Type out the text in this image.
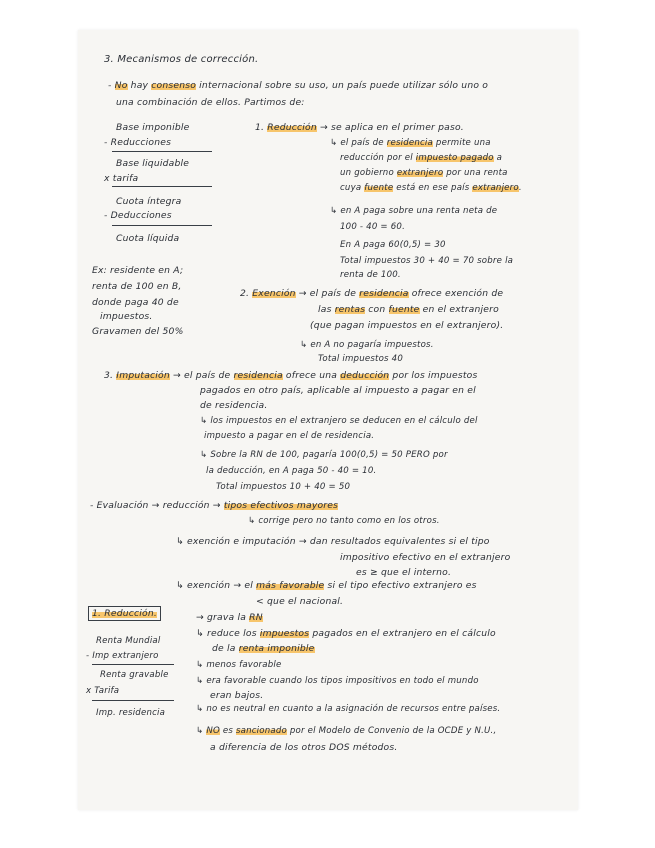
3. Mecanismos de corrección.
- No hay consenso internacional sobre su uso, un país puede utilizar sólo uno o
una combinación de ellos. Partimos de:
Base imponible
- Reducciones
Base liquidable
x tarifa
Cuota íntegra
- Deducciones
Cuota líquida
Ex: residente en A;
renta de 100 en B,
donde paga 40 de
impuestos.
Gravamen del 50%
1. Reducción → se aplica en el primer paso.
↳ el país de residencia permite una
reducción por el impuesto pagado a
un gobierno extranjero por una renta
cuya fuente está en ese país extranjero.
↳ en A paga sobre una renta neta de
100 - 40 = 60.
En A paga 60(0,5) = 30
Total impuestos 30 + 40 = 70 sobre la
renta de 100.
2. Exención → el país de residencia ofrece exención de
las rentas con fuente en el extranjero
(que pagan impuestos en el extranjero).
↳ en A no pagaría impuestos.
Total impuestos 40
3. Imputación → el país de residencia ofrece una deducción por los impuestos
pagados en otro país, aplicable al impuesto a pagar en el
de residencia.
↳ los impuestos en el extranjero se deducen en el cálculo del
impuesto a pagar en el de residencia.
↳ Sobre la RN de 100, pagaría 100(0,5) = 50 PERO por
la deducción, en A paga 50 - 40 = 10.
Total impuestos 10 + 40 = 50
- Evaluación → reducción → tipos efectivos mayores
↳ corrige pero no tanto como en los otros.
↳ exención e imputación → dan resultados equivalentes si el tipo
impositivo efectivo en el extranjero
es ≥ que el interno.
↳ exención → el más favorable si el tipo efectivo extranjero es
< que el nacional.
1. Reducción.	→ grava la RN
↳ reduce los impuestos pagados en el extranjero en el cálculo
de la renta imponible
↳ menos favorable
↳ era favorable cuando los tipos impositivos en todo el mundo
eran bajos.
↳ no es neutral en cuanto a la asignación de recursos entre países.
↳ NO es sancionado por el Modelo de Convenio de la OCDE y N.U.,
a diferencia de los otros DOS métodos.
Renta Mundial
- Imp extranjero
Renta gravable
x Tarifa
Imp. residencia
